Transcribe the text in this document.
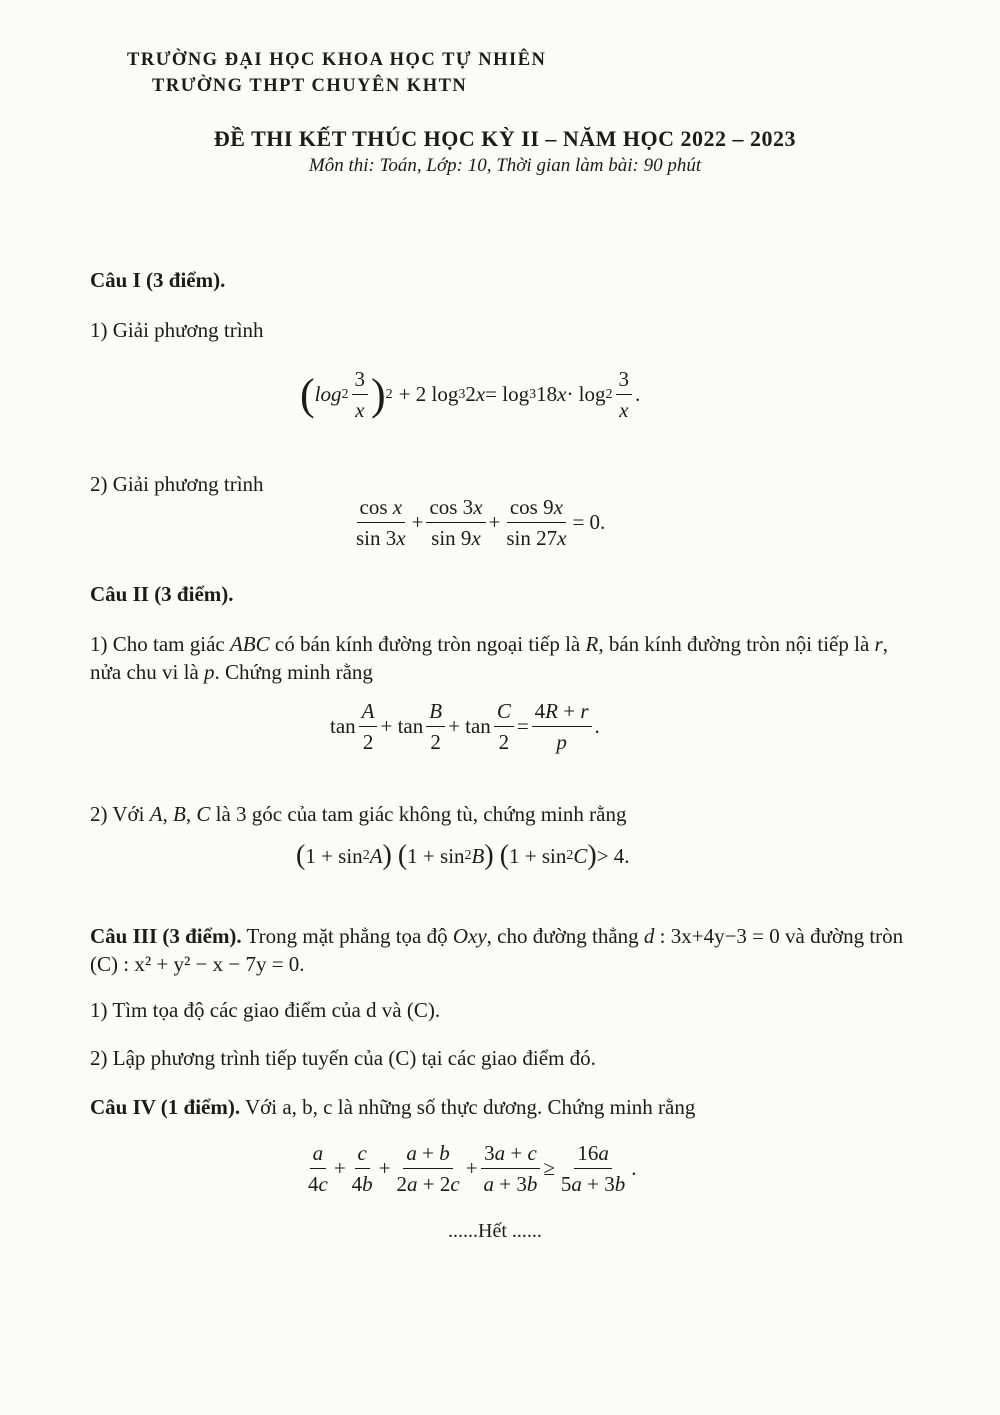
TRƯỜNG ĐẠI HỌC KHOA HỌC TỰ NHIÊN
TRƯỜNG THPT CHUYÊN KHTN
ĐỀ THI KẾT THÚC HỌC KỲ II – NĂM HỌC 2022 – 2023
Môn thi: Toán, Lớp: 10, Thời gian làm bài: 90 phút
Câu I (3 điểm).
1) Giải phương trình
( $\log 2 \frac{3}{x}$ ) 2 + 2 log 3 2 x = log 3 18 $x \cdot \log 2 \frac{3}{x}$ .
2) Giải phương trình
$\frac{\text{cos x}}{\sin 3x} + \frac{\cos 3x}{\sin 9x} + \frac{\cos 9x}{\sin 27x} = 0$.
Câu II (3 điểm).
1) Cho tam giác ABC có bán kính đường tròn ngoại tiếp là R, bán kính đường tròn nội tiếp là r, nửa chu vi là p. Chứng minh rằng
$\tan \frac{A}{2} + \tan \frac{B}{2} + \tan \frac{C}{2} = \frac{4R + r}{p}$ .
2) Với A, B, C là 3 góc của tam giác không tù, chứng minh rằng
( 1 + sin 2 A ) ( 1 + sin 2 B ) ( 1 + sin 2 C ) > 4.
Câu III (3 điểm). Trong mặt phẳng tọa độ Oxy, cho đường thẳng d : 3x+4y−3 = 0 và đường tròn (C) : x² + y² − x − 7y = 0.
1) Tìm tọa độ các giao điểm của d và (C).
2) Lập phương trình tiếp tuyến của (C) tại các giao điểm đó.
Câu IV (1 điểm). Với a, b, c là những số thực dương. Chứng minh rằng
$\frac{a}{4c} + \frac{c}{4b} + \frac{a + b}{2a + 2c} + \frac{3a + c}{a + 3b} \ge \frac{16a}{5a + 3b}$ .
......Hết ......
